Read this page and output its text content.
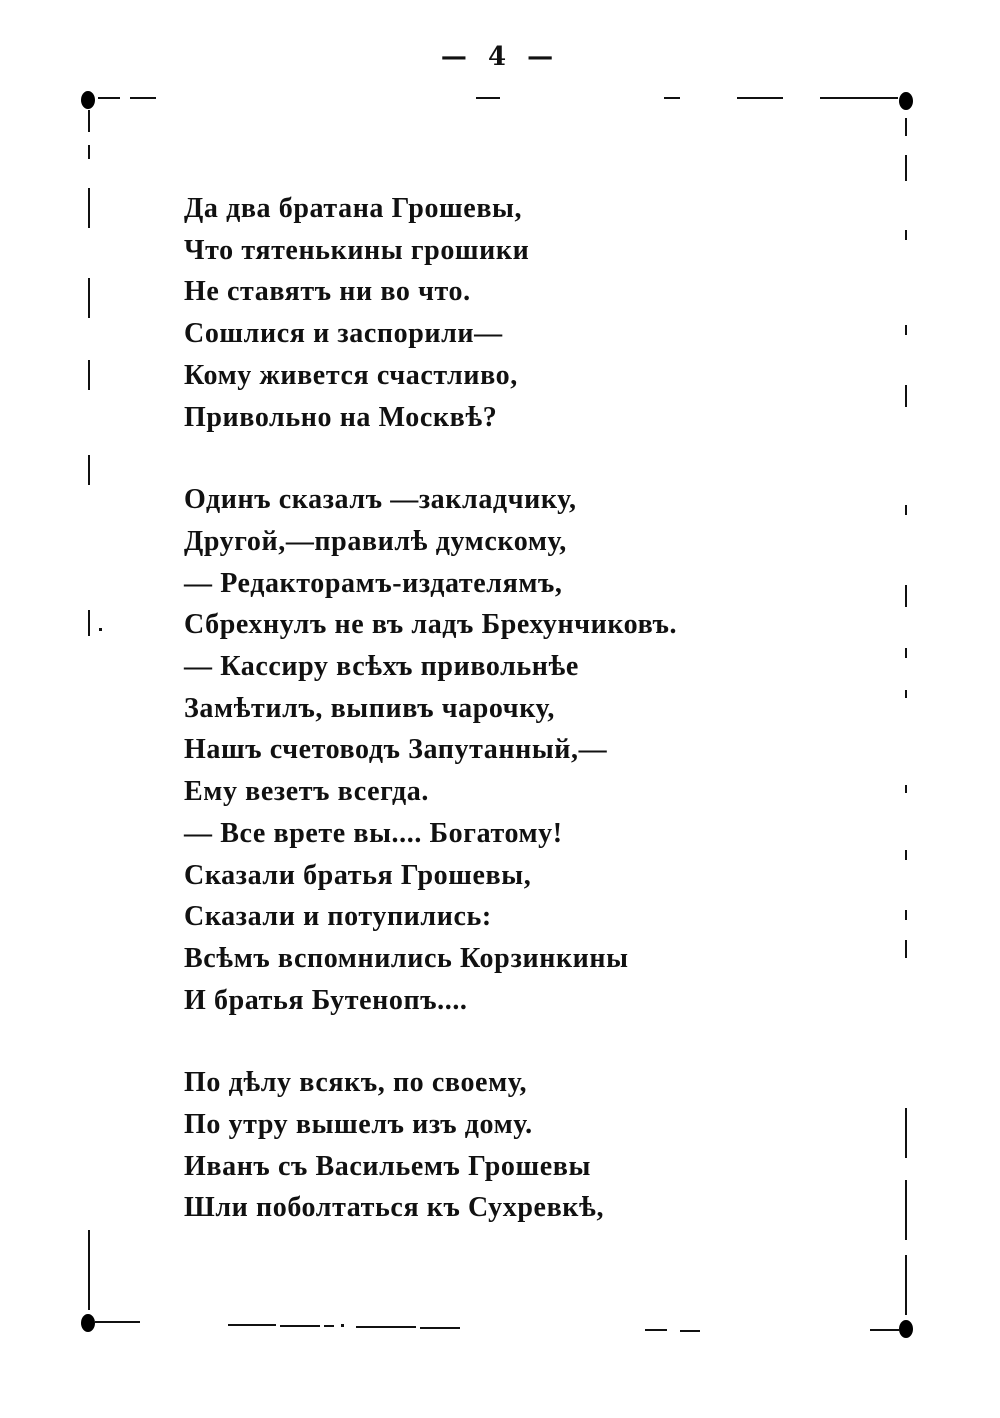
— 4 —
Да два братана Грошевы,
Что тятенькины грошики
Не ставятъ ни во что.
Сошлися и заспорили—
Кому живется счастливо,
Привольно на Москвѣ?
Одинъ сказалъ —закладчику,
Другой,—правилѣ думскому,
— Редакторамъ-издателямъ,
Сбрехнулъ не въ ладъ Брехунчиковъ.
— Кассиру всѣхъ привольнѣе
Замѣтилъ, выпивъ чарочку,
Нашъ счетоводъ Запутанный,—
Ему везетъ всегда.
— Все врете вы.... Богатому!
Сказали братья Грошевы,
Сказали и потупились:
Всѣмъ вспомнились Корзинкины
И братья Бутенопъ....
По дѣлу всякъ, по своему,
По утру вышелъ изъ дому.
Иванъ съ Васильемъ Грошевы
Шли поболтаться къ Сухревкѣ,
